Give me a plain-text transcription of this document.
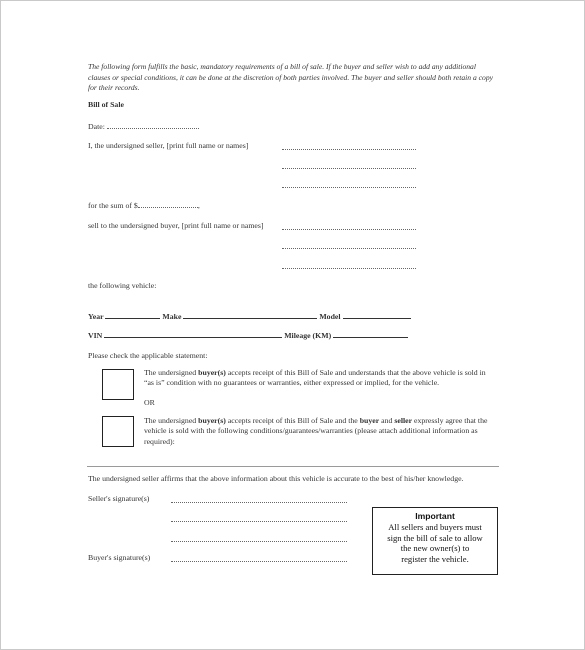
The following form fulfills the basic, mandatory requirements of a bill of sale. If the buyer and seller wish to add any additional clauses or special conditions, it can be done at the discretion of both parties involved. The buyer and seller should both retain a copy for their records.
Bill of Sale
Date:
I, the undersigned seller, [print full name or names]
for the sum of $	,
sell to the undersigned buyer, [print full name or names]
the following vehicle:
Year	Make	Model
VIN	Mileage (KM)
Please check the applicable statement:
The undersigned buyer(s) accepts receipt of this Bill of Sale and understands that the above vehicle is sold in “as is” condition with no guarantees or warranties, either expressed or implied, for the vehicle.
OR
The undersigned buyer(s) accepts receipt of this Bill of Sale and the buyer and seller expressly agree that the vehicle is sold with the following conditions/guarantees/warranties (please attach additional information as required):
The undersigned seller affirms that the above information about this vehicle is accurate to the best of his/her knowledge.
Seller's signature(s)
Buyer's signature(s)
Important
All sellers and buyers must
sign the bill of sale to allow
the new owner(s) to
register the vehicle.
